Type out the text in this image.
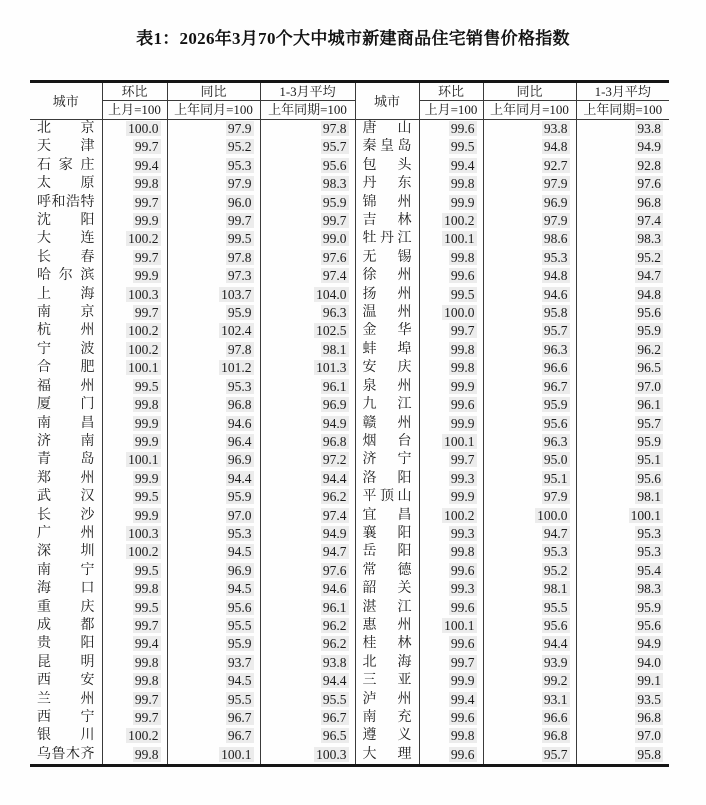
表1：2026年3月70个大中城市新建商品住宅销售价格指数
城市	环比	同比	1-3月平均	城市	环比	同比	1-3月平均
	上月=100	上年同月=100	上年同期=100		上月=100	上年同月=100	上年同期=100
北京	100.0	97.9	97.8	唐山	99.6	93.8	93.8
天津	99.7	95.2	95.7	秦皇岛	99.5	94.8	94.9
石家庄	99.4	95.3	95.6	包头	99.4	92.7	92.8
太原	99.8	97.9	98.3	丹东	99.8	97.9	97.6
呼和浩特	99.7	96.0	95.9	锦州	99.9	96.9	96.8
沈阳	99.9	99.7	99.7	吉林	100.2	97.9	97.4
大连	100.2	99.5	99.0	牡丹江	100.1	98.6	98.3
长春	99.7	97.8	97.6	无锡	99.8	95.3	95.2
哈尔滨	99.9	97.3	97.4	徐州	99.6	94.8	94.7
上海	100.3	103.7	104.0	扬州	99.5	94.6	94.8
南京	99.7	95.9	96.3	温州	100.0	95.8	95.6
杭州	100.2	102.4	102.5	金华	99.7	95.7	95.9
宁波	100.2	97.8	98.1	蚌埠	99.8	96.3	96.2
合肥	100.1	101.2	101.3	安庆	99.8	96.6	96.5
福州	99.5	95.3	96.1	泉州	99.9	96.7	97.0
厦门	99.8	96.8	96.9	九江	99.6	95.9	96.1
南昌	99.9	94.6	94.9	赣州	99.9	95.6	95.7
济南	99.9	96.4	96.8	烟台	100.1	96.3	95.9
青岛	100.1	96.9	97.2	济宁	99.7	95.0	95.1
郑州	99.9	94.4	94.4	洛阳	99.3	95.1	95.6
武汉	99.5	95.9	96.2	平顶山	99.9	97.9	98.1
长沙	99.9	97.0	97.4	宜昌	100.2	100.0	100.1
广州	100.3	95.3	94.9	襄阳	99.3	94.7	95.3
深圳	100.2	94.5	94.7	岳阳	99.8	95.3	95.3
南宁	99.5	96.9	97.6	常德	99.6	95.2	95.4
海口	99.8	94.5	94.6	韶关	99.3	98.1	98.3
重庆	99.5	95.6	96.1	湛江	99.6	95.5	95.9
成都	99.7	95.5	96.2	惠州	100.1	95.6	95.6
贵阳	99.4	95.9	96.2	桂林	99.6	94.4	94.9
昆明	99.8	93.7	93.8	北海	99.7	93.9	94.0
西安	99.8	94.5	94.4	三亚	99.9	99.2	99.1
兰州	99.7	95.5	95.5	泸州	99.4	93.1	93.5
西宁	99.7	96.7	96.7	南充	99.6	96.6	96.8
银川	100.2	96.7	96.5	遵义	99.8	96.8	97.0
乌鲁木齐	99.8	100.1	100.3	大理	99.6	95.7	95.8
